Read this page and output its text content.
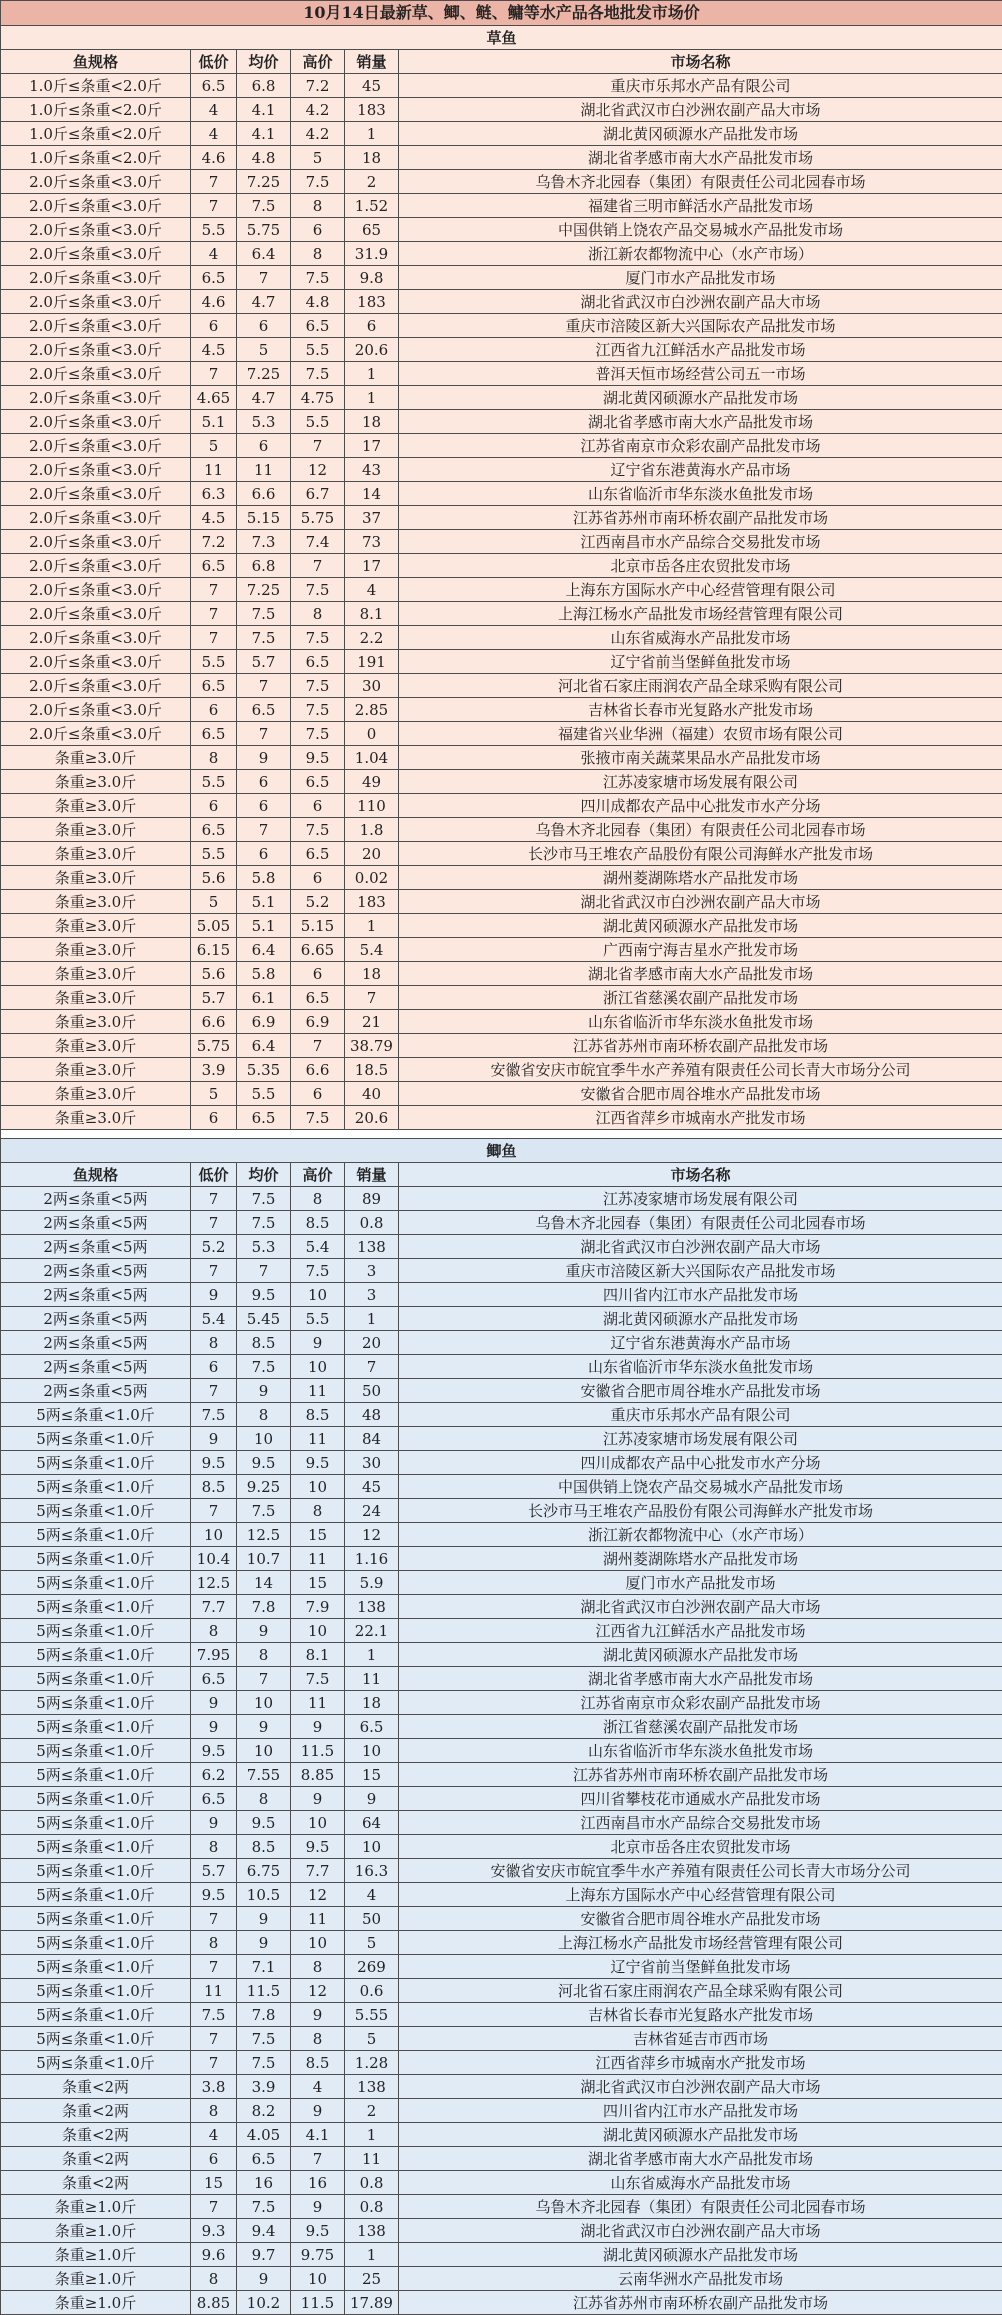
10月14日最新草、鲫、鲢、鳙等水产品各地批发市场价					
草鱼					
鱼规格	低价	均价	高价	销量	市场名称
1.0斤≤条重<2.0斤	6.5	6.8	7.2	45	重庆市乐邦水产品有限公司
1.0斤≤条重<2.0斤	4	4.1	4.2	183	湖北省武汉市白沙洲农副产品大市场
1.0斤≤条重<2.0斤	4	4.1	4.2	1	湖北黄冈硕源水产品批发市场
1.0斤≤条重<2.0斤	4.6	4.8	5	18	湖北省孝感市南大水产品批发市场
2.0斤≤条重<3.0斤	7	7.25	7.5	2	乌鲁木齐北园春（集团）有限责任公司北园春市场
2.0斤≤条重<3.0斤	7	7.5	8	1.52	福建省三明市鲜活水产品批发市场
2.0斤≤条重<3.0斤	5.5	5.75	6	65	中国供销上饶农产品交易城水产品批发市场
2.0斤≤条重<3.0斤	4	6.4	8	31.9	浙江新农都物流中心（水产市场）
2.0斤≤条重<3.0斤	6.5	7	7.5	9.8	厦门市水产品批发市场
2.0斤≤条重<3.0斤	4.6	4.7	4.8	183	湖北省武汉市白沙洲农副产品大市场
2.0斤≤条重<3.0斤	6	6	6.5	6	重庆市涪陵区新大兴国际农产品批发市场
2.0斤≤条重<3.0斤	4.5	5	5.5	20.6	江西省九江鲜活水产品批发市场
2.0斤≤条重<3.0斤	7	7.25	7.5	1	普洱天恒市场经营公司五一市场
2.0斤≤条重<3.0斤	4.65	4.7	4.75	1	湖北黄冈硕源水产品批发市场
2.0斤≤条重<3.0斤	5.1	5.3	5.5	18	湖北省孝感市南大水产品批发市场
2.0斤≤条重<3.0斤	5	6	7	17	江苏省南京市众彩农副产品批发市场
2.0斤≤条重<3.0斤	11	11	12	43	辽宁省东港黄海水产品市场
2.0斤≤条重<3.0斤	6.3	6.6	6.7	14	山东省临沂市华东淡水鱼批发市场
2.0斤≤条重<3.0斤	4.5	5.15	5.75	37	江苏省苏州市南环桥农副产品批发市场
2.0斤≤条重<3.0斤	7.2	7.3	7.4	73	江西南昌市水产品综合交易批发市场
2.0斤≤条重<3.0斤	6.5	6.8	7	17	北京市岳各庄农贸批发市场
2.0斤≤条重<3.0斤	7	7.25	7.5	4	上海东方国际水产中心经营管理有限公司
2.0斤≤条重<3.0斤	7	7.5	8	8.1	上海江杨水产品批发市场经营管理有限公司
2.0斤≤条重<3.0斤	7	7.5	7.5	2.2	山东省威海水产品批发市场
2.0斤≤条重<3.0斤	5.5	5.7	6.5	191	辽宁省前当堡鲜鱼批发市场
2.0斤≤条重<3.0斤	6.5	7	7.5	30	河北省石家庄雨润农产品全球采购有限公司
2.0斤≤条重<3.0斤	6	6.5	7.5	2.85	吉林省长春市光复路水产批发市场
2.0斤≤条重<3.0斤	6.5	7	7.5	0	福建省兴业华洲（福建）农贸市场有限公司
条重≥3.0斤	8	9	9.5	1.04	张掖市南关蔬菜果品水产品批发市场
条重≥3.0斤	5.5	6	6.5	49	江苏凌家塘市场发展有限公司
条重≥3.0斤	6	6	6	110	四川成都农产品中心批发市水产分场
条重≥3.0斤	6.5	7	7.5	1.8	乌鲁木齐北园春（集团）有限责任公司北园春市场
条重≥3.0斤	5.5	6	6.5	20	长沙市马王堆农产品股份有限公司海鲜水产批发市场
条重≥3.0斤	5.6	5.8	6	0.02	湖州菱湖陈塔水产品批发市场
条重≥3.0斤	5	5.1	5.2	183	湖北省武汉市白沙洲农副产品大市场
条重≥3.0斤	5.05	5.1	5.15	1	湖北黄冈硕源水产品批发市场
条重≥3.0斤	6.15	6.4	6.65	5.4	广西南宁海吉星水产批发市场
条重≥3.0斤	5.6	5.8	6	18	湖北省孝感市南大水产品批发市场
条重≥3.0斤	5.7	6.1	6.5	7	浙江省慈溪农副产品批发市场
条重≥3.0斤	6.6	6.9	6.9	21	山东省临沂市华东淡水鱼批发市场
条重≥3.0斤	5.75	6.4	7	38.79	江苏省苏州市南环桥农副产品批发市场
条重≥3.0斤	3.9	5.35	6.6	18.5	安徽省安庆市皖宜季牛水产养殖有限责任公司长青大市场分公司
条重≥3.0斤	5	5.5	6	40	安徽省合肥市周谷堆水产品批发市场
条重≥3.0斤	6	6.5	7.5	20.6	江西省萍乡市城南水产批发市场

鲫鱼					
鱼规格	低价	均价	高价	销量	市场名称
2两≤条重<5两	7	7.5	8	89	江苏凌家塘市场发展有限公司
2两≤条重<5两	7	7.5	8.5	0.8	乌鲁木齐北园春（集团）有限责任公司北园春市场
2两≤条重<5两	5.2	5.3	5.4	138	湖北省武汉市白沙洲农副产品大市场
2两≤条重<5两	7	7	7.5	3	重庆市涪陵区新大兴国际农产品批发市场
2两≤条重<5两	9	9.5	10	3	四川省内江市水产品批发市场
2两≤条重<5两	5.4	5.45	5.5	1	湖北黄冈硕源水产品批发市场
2两≤条重<5两	8	8.5	9	20	辽宁省东港黄海水产品市场
2两≤条重<5两	6	7.5	10	7	山东省临沂市华东淡水鱼批发市场
2两≤条重<5两	7	9	11	50	安徽省合肥市周谷堆水产品批发市场
5两≤条重<1.0斤	7.5	8	8.5	48	重庆市乐邦水产品有限公司
5两≤条重<1.0斤	9	10	11	84	江苏凌家塘市场发展有限公司
5两≤条重<1.0斤	9.5	9.5	9.5	30	四川成都农产品中心批发市水产分场
5两≤条重<1.0斤	8.5	9.25	10	45	中国供销上饶农产品交易城水产品批发市场
5两≤条重<1.0斤	7	7.5	8	24	长沙市马王堆农产品股份有限公司海鲜水产批发市场
5两≤条重<1.0斤	10	12.5	15	12	浙江新农都物流中心（水产市场）
5两≤条重<1.0斤	10.4	10.7	11	1.16	湖州菱湖陈塔水产品批发市场
5两≤条重<1.0斤	12.5	14	15	5.9	厦门市水产品批发市场
5两≤条重<1.0斤	7.7	7.8	7.9	138	湖北省武汉市白沙洲农副产品大市场
5两≤条重<1.0斤	8	9	10	22.1	江西省九江鲜活水产品批发市场
5两≤条重<1.0斤	7.95	8	8.1	1	湖北黄冈硕源水产品批发市场
5两≤条重<1.0斤	6.5	7	7.5	11	湖北省孝感市南大水产品批发市场
5两≤条重<1.0斤	9	10	11	18	江苏省南京市众彩农副产品批发市场
5两≤条重<1.0斤	9	9	9	6.5	浙江省慈溪农副产品批发市场
5两≤条重<1.0斤	9.5	10	11.5	10	山东省临沂市华东淡水鱼批发市场
5两≤条重<1.0斤	6.2	7.55	8.85	15	江苏省苏州市南环桥农副产品批发市场
5两≤条重<1.0斤	6.5	8	9	9	四川省攀枝花市通威水产品批发市场
5两≤条重<1.0斤	9	9.5	10	64	江西南昌市水产品综合交易批发市场
5两≤条重<1.0斤	8	8.5	9.5	10	北京市岳各庄农贸批发市场
5两≤条重<1.0斤	5.7	6.75	7.7	16.3	安徽省安庆市皖宜季牛水产养殖有限责任公司长青大市场分公司
5两≤条重<1.0斤	9.5	10.5	12	4	上海东方国际水产中心经营管理有限公司
5两≤条重<1.0斤	7	9	11	50	安徽省合肥市周谷堆水产品批发市场
5两≤条重<1.0斤	8	9	10	5	上海江杨水产品批发市场经营管理有限公司
5两≤条重<1.0斤	7	7.1	8	269	辽宁省前当堡鲜鱼批发市场
5两≤条重<1.0斤	11	11.5	12	0.6	河北省石家庄雨润农产品全球采购有限公司
5两≤条重<1.0斤	7.5	7.8	9	5.55	吉林省长春市光复路水产批发市场
5两≤条重<1.0斤	7	7.5	8	5	吉林省延吉市西市场
5两≤条重<1.0斤	7	7.5	8.5	1.28	江西省萍乡市城南水产批发市场
条重<2两	3.8	3.9	4	138	湖北省武汉市白沙洲农副产品大市场
条重<2两	8	8.2	9	2	四川省内江市水产品批发市场
条重<2两	4	4.05	4.1	1	湖北黄冈硕源水产品批发市场
条重<2两	6	6.5	7	11	湖北省孝感市南大水产品批发市场
条重<2两	15	16	16	0.8	山东省威海水产品批发市场
条重≥1.0斤	7	7.5	9	0.8	乌鲁木齐北园春（集团）有限责任公司北园春市场
条重≥1.0斤	9.3	9.4	9.5	138	湖北省武汉市白沙洲农副产品大市场
条重≥1.0斤	9.6	9.7	9.75	1	湖北黄冈硕源水产品批发市场
条重≥1.0斤	8	9	10	25	云南华洲水产品批发市场
条重≥1.0斤	8.85	10.2	11.5	17.89	江苏省苏州市南环桥农副产品批发市场
